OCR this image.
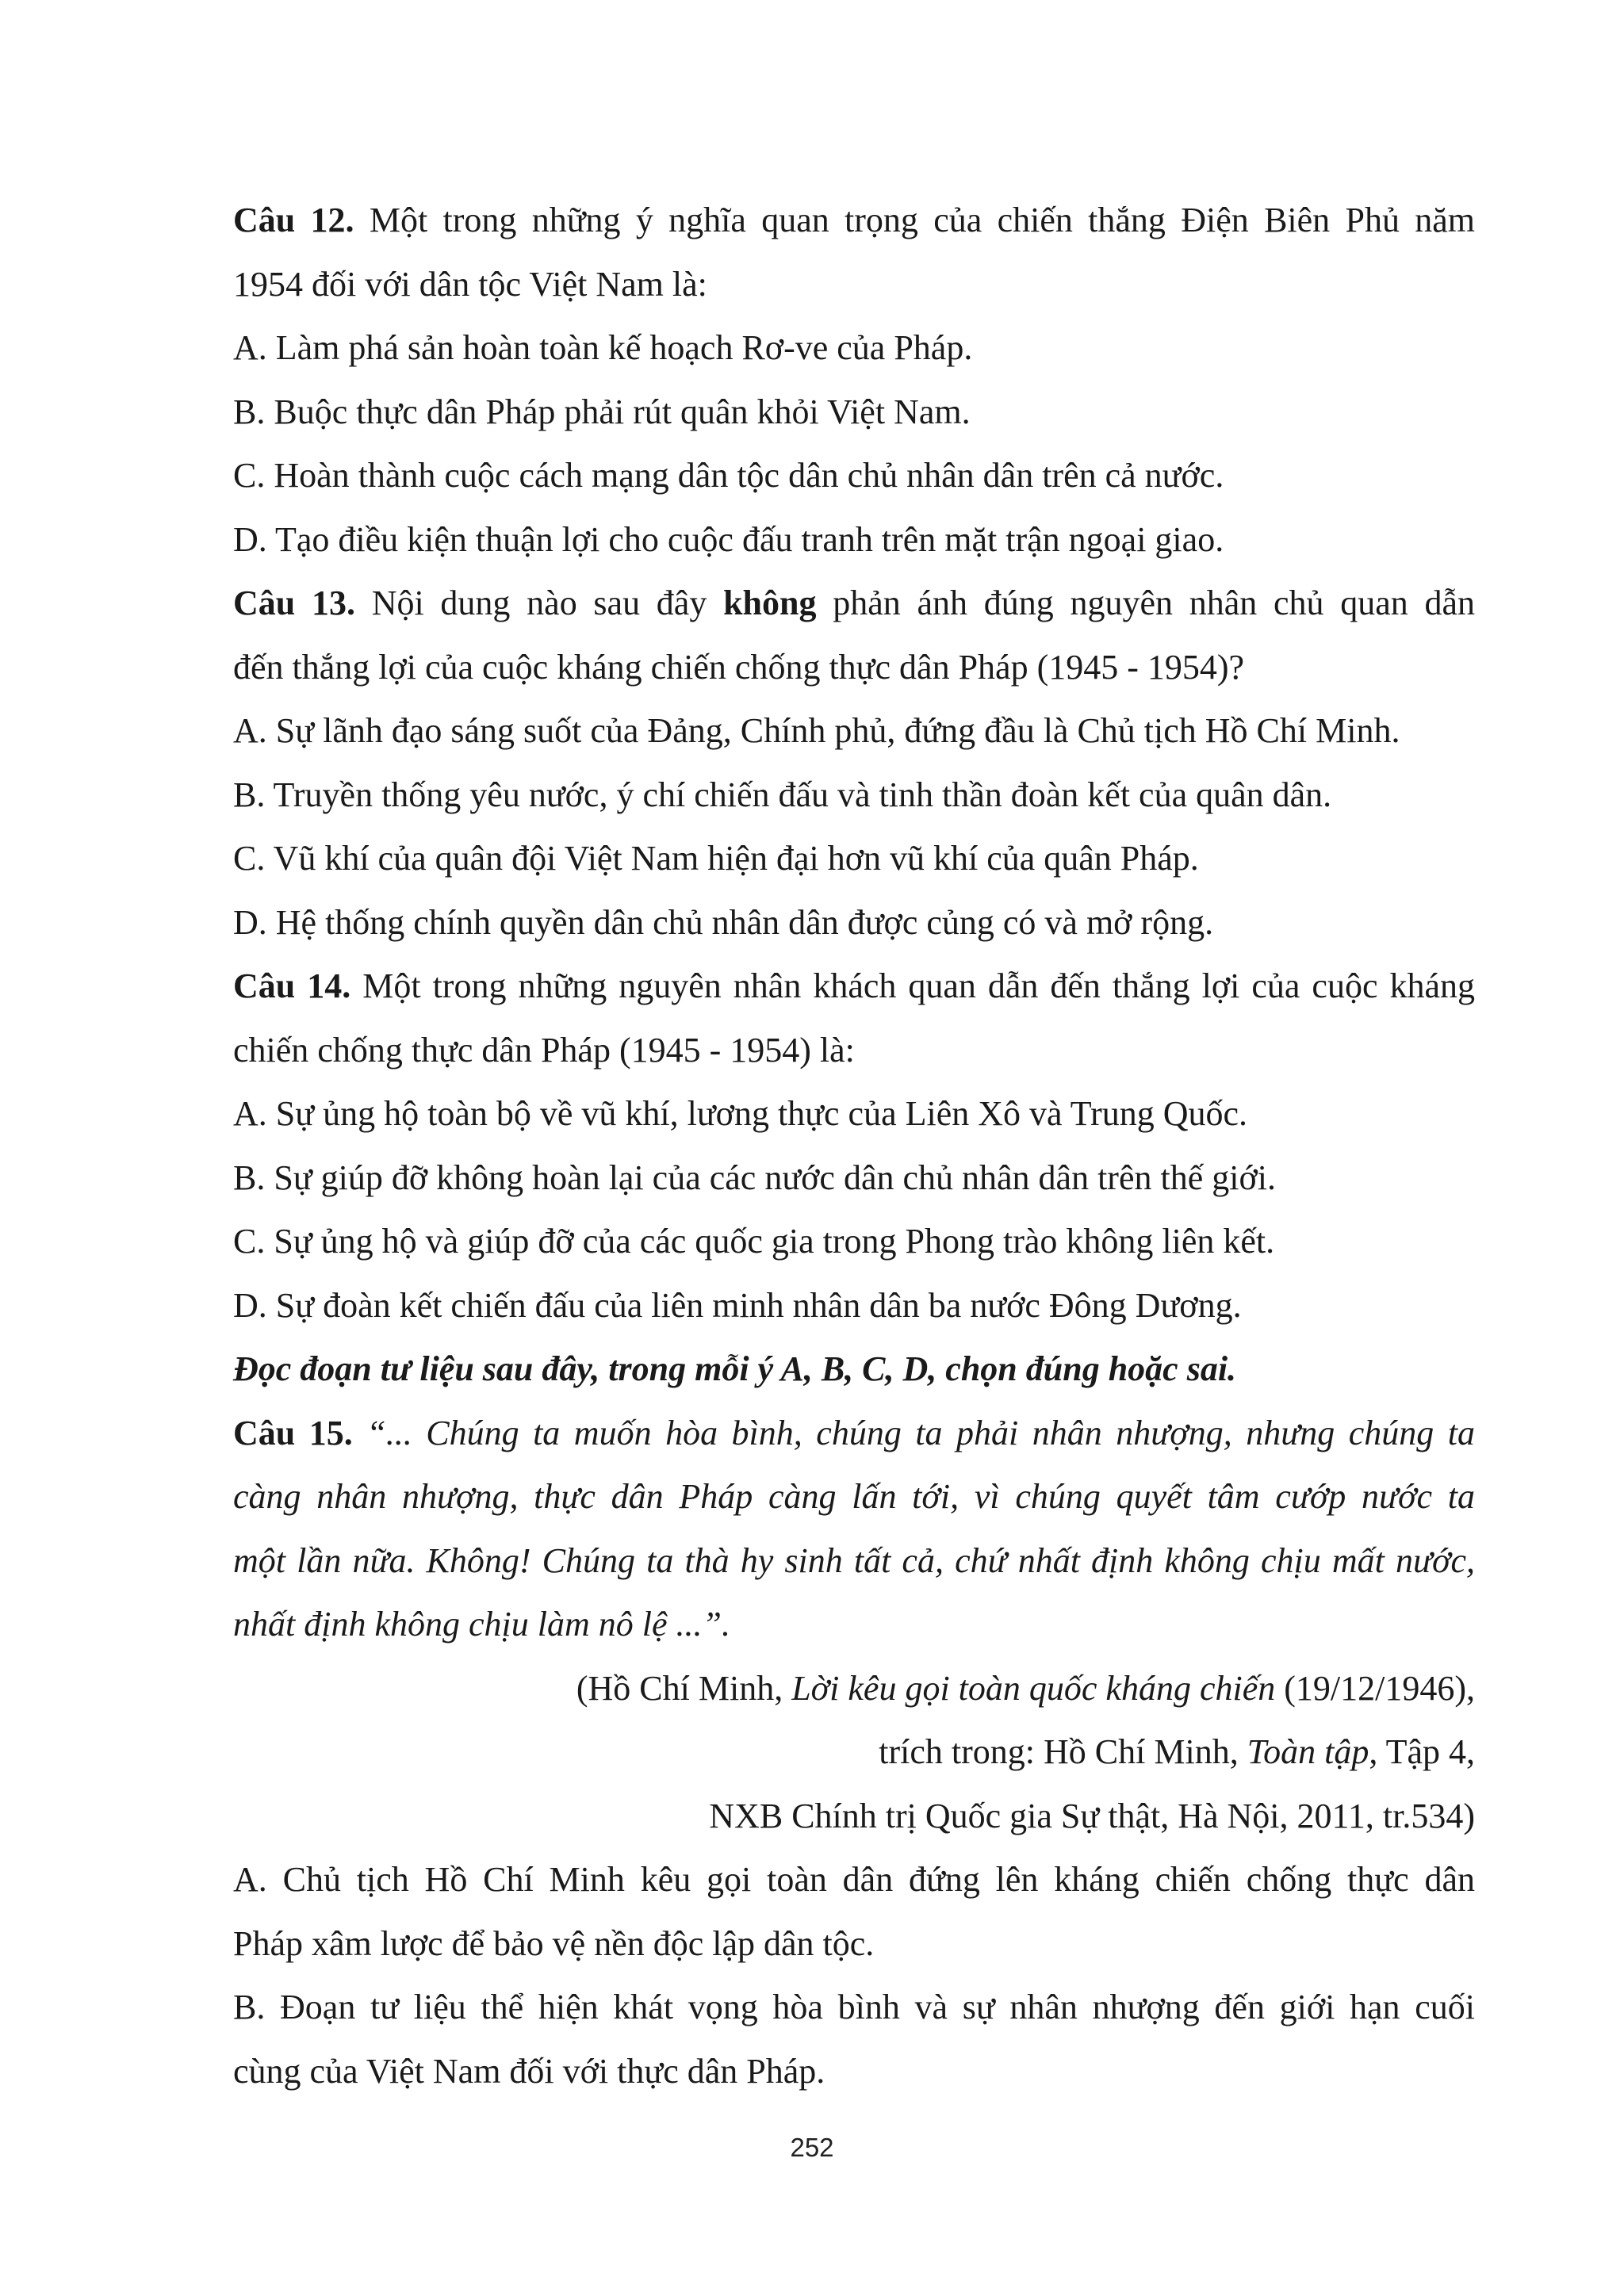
Câu 12. Một trong những ý nghĩa quan trọng của chiến thắng Điện Biên Phủ năm
1954 đối với dân tộc Việt Nam là:
A. Làm phá sản hoàn toàn kế hoạch Rơ-ve của Pháp.
B. Buộc thực dân Pháp phải rút quân khỏi Việt Nam.
C. Hoàn thành cuộc cách mạng dân tộc dân chủ nhân dân trên cả nước.
D. Tạo điều kiện thuận lợi cho cuộc đấu tranh trên mặt trận ngoại giao.
Câu 13. Nội dung nào sau đây không phản ánh đúng nguyên nhân chủ quan dẫn
đến thắng lợi của cuộc kháng chiến chống thực dân Pháp (1945 - 1954)?
A. Sự lãnh đạo sáng suốt của Đảng, Chính phủ, đứng đầu là Chủ tịch Hồ Chí Minh.
B. Truyền thống yêu nước, ý chí chiến đấu và tinh thần đoàn kết của quân dân.
C. Vũ khí của quân đội Việt Nam hiện đại hơn vũ khí của quân Pháp.
D. Hệ thống chính quyền dân chủ nhân dân được củng có và mở rộng.
Câu 14. Một trong những nguyên nhân khách quan dẫn đến thắng lợi của cuộc kháng
chiến chống thực dân Pháp (1945 - 1954) là:
A. Sự ủng hộ toàn bộ về vũ khí, lương thực của Liên Xô và Trung Quốc.
B. Sự giúp đỡ không hoàn lại của các nước dân chủ nhân dân trên thế giới.
C. Sự ủng hộ và giúp đỡ của các quốc gia trong Phong trào không liên kết.
D. Sự đoàn kết chiến đấu của liên minh nhân dân ba nước Đông Dương.
Đọc đoạn tư liệu sau đây, trong mỗi ý A, B, C, D, chọn đúng hoặc sai.
Câu 15. “... Chúng ta muốn hòa bình, chúng ta phải nhân nhượng, nhưng chúng ta
càng nhân nhượng, thực dân Pháp càng lấn tới, vì chúng quyết tâm cướp nước ta
một lần nữa. Không! Chúng ta thà hy sinh tất cả, chứ nhất định không chịu mất nước,
nhất định không chịu làm nô lệ ...”.
(Hồ Chí Minh, Lời kêu gọi toàn quốc kháng chiến (19/12/1946),
trích trong: Hồ Chí Minh, Toàn tập, Tập 4,
NXB Chính trị Quốc gia Sự thật, Hà Nội, 2011, tr.534)
A. Chủ tịch Hồ Chí Minh kêu gọi toàn dân đứng lên kháng chiến chống thực dân
Pháp xâm lược để bảo vệ nền độc lập dân tộc.
B. Đoạn tư liệu thể hiện khát vọng hòa bình và sự nhân nhượng đến giới hạn cuối
cùng của Việt Nam đối với thực dân Pháp.
252
